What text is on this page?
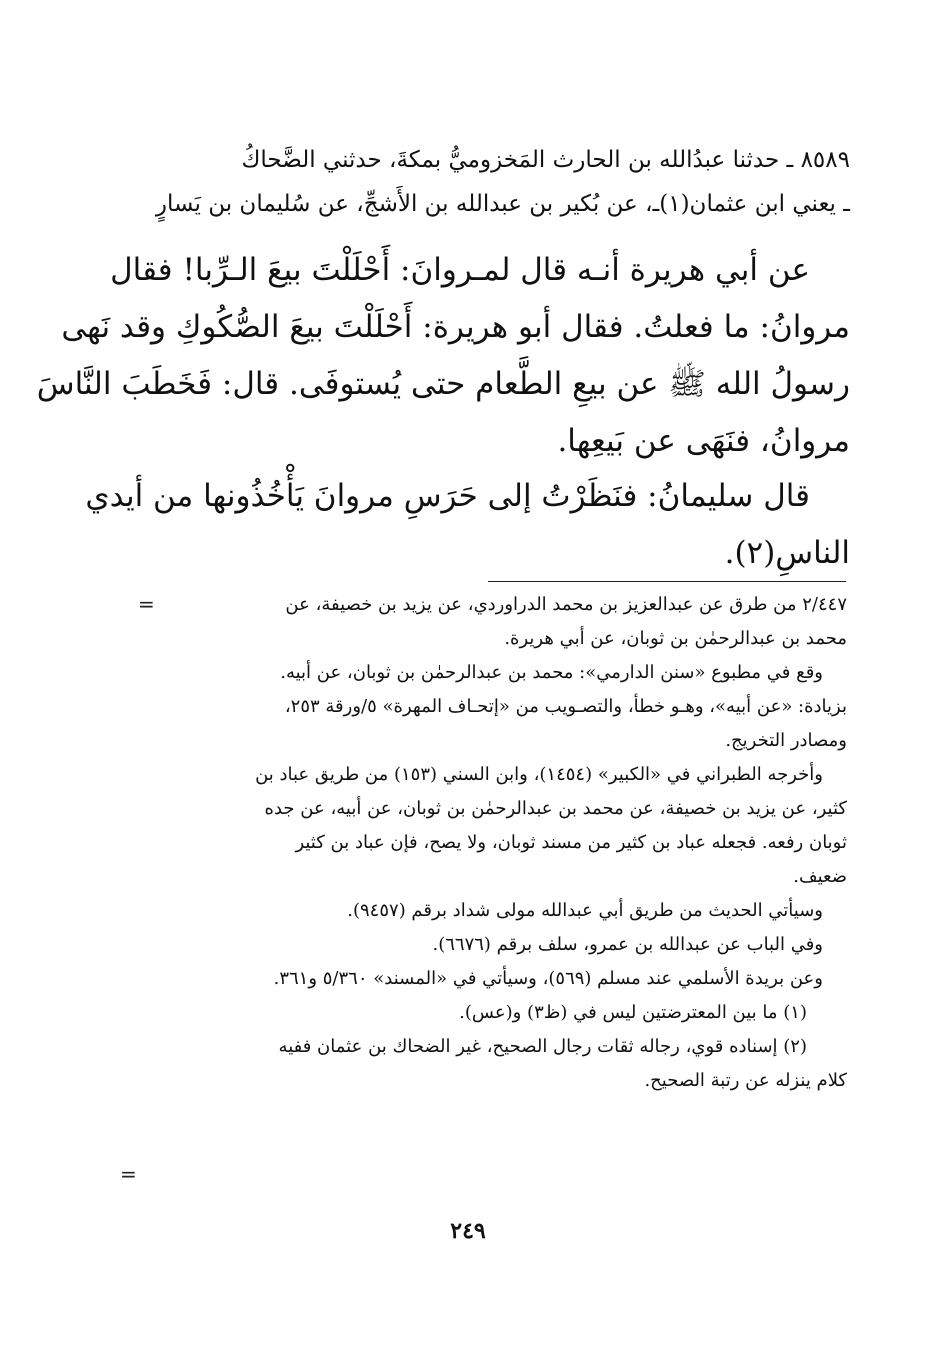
٨٥٨٩ ـ حدثنا عبدُالله بن الحارث المَخزوميُّ بمكةَ، حدثني الضَّحاكُ
ـ يعني ابن عثمان(١)ـ، عن بُكير بن عبدالله بن الأَشجِّ، عن سُليمان بن يَسارٍ
عن أبي هريرة أنـه قال لمـروانَ: أَحْلَلْتَ بيعَ الـرِّبا! فقال
مروانُ: ما فعلتُ. فقال أبو هريرة: أَحْلَلْتَ بيعَ الصُّكُوكِ وقد نَهى
رسولُ الله ﷺ عن بيعِ الطَّعام حتى يُستوفَى. قال: فَخَطَبَ النَّاسَ
مروانُ، فنَهَى عن بَيعِها.
قال سليمانُ: فنَظَرْتُ إلى حَرَسِ مروانَ يَأْخُذُونها من أيدي
الناسِ(٢).
=	٢/٤٤٧ من طرق عن عبدالعزيز بن محمد الدراوردي، عن يزيد بن خصيفة، عن
محمد بن عبدالرحمٰن بن ثوبان، عن أبي هريرة.

وقع في مطبوع «سنن الدارمي»: محمد بن عبدالرحمٰن بن ثوبان، عن أبيه.
بزيادة: «عن أبيه»، وهـو خطأ، والتصـويب من «إتحـاف المهرة» ٥/ورقة ٢٥٣،
ومصادر التخريج.

وأخرجه الطبراني في «الكبير» (١٤٥٤)، وابن السني (١٥٣) من طريق عباد بن
كثير، عن يزيد بن خصيفة، عن محمد بن عبدالرحمٰن بن ثوبان، عن أبيه، عن جده
ثوبان رفعه. فجعله عباد بن كثير من مسند ثوبان، ولا يصح، فإن عباد بن كثير
ضعيف.

وسيأتي الحديث من طريق أبي عبدالله مولى شداد برقم (٩٤٥٧).

وفي الباب عن عبدالله بن عمرو، سلف برقم (٦٦٧٦).

وعن بريدة الأسلمي عند مسلم (٥٦٩)، وسيأتي في «المسند» ٥/٣٦٠ و٣٦١.

(١) ما بين المعترضتين ليس في (ظ٣) و(عس).

(٢) إسناده قوي، رجاله ثقات رجال الصحيح، غير الضحاك بن عثمان ففيه
كلام ينزله عن رتبة الصحيح.

=
٢٤٩
